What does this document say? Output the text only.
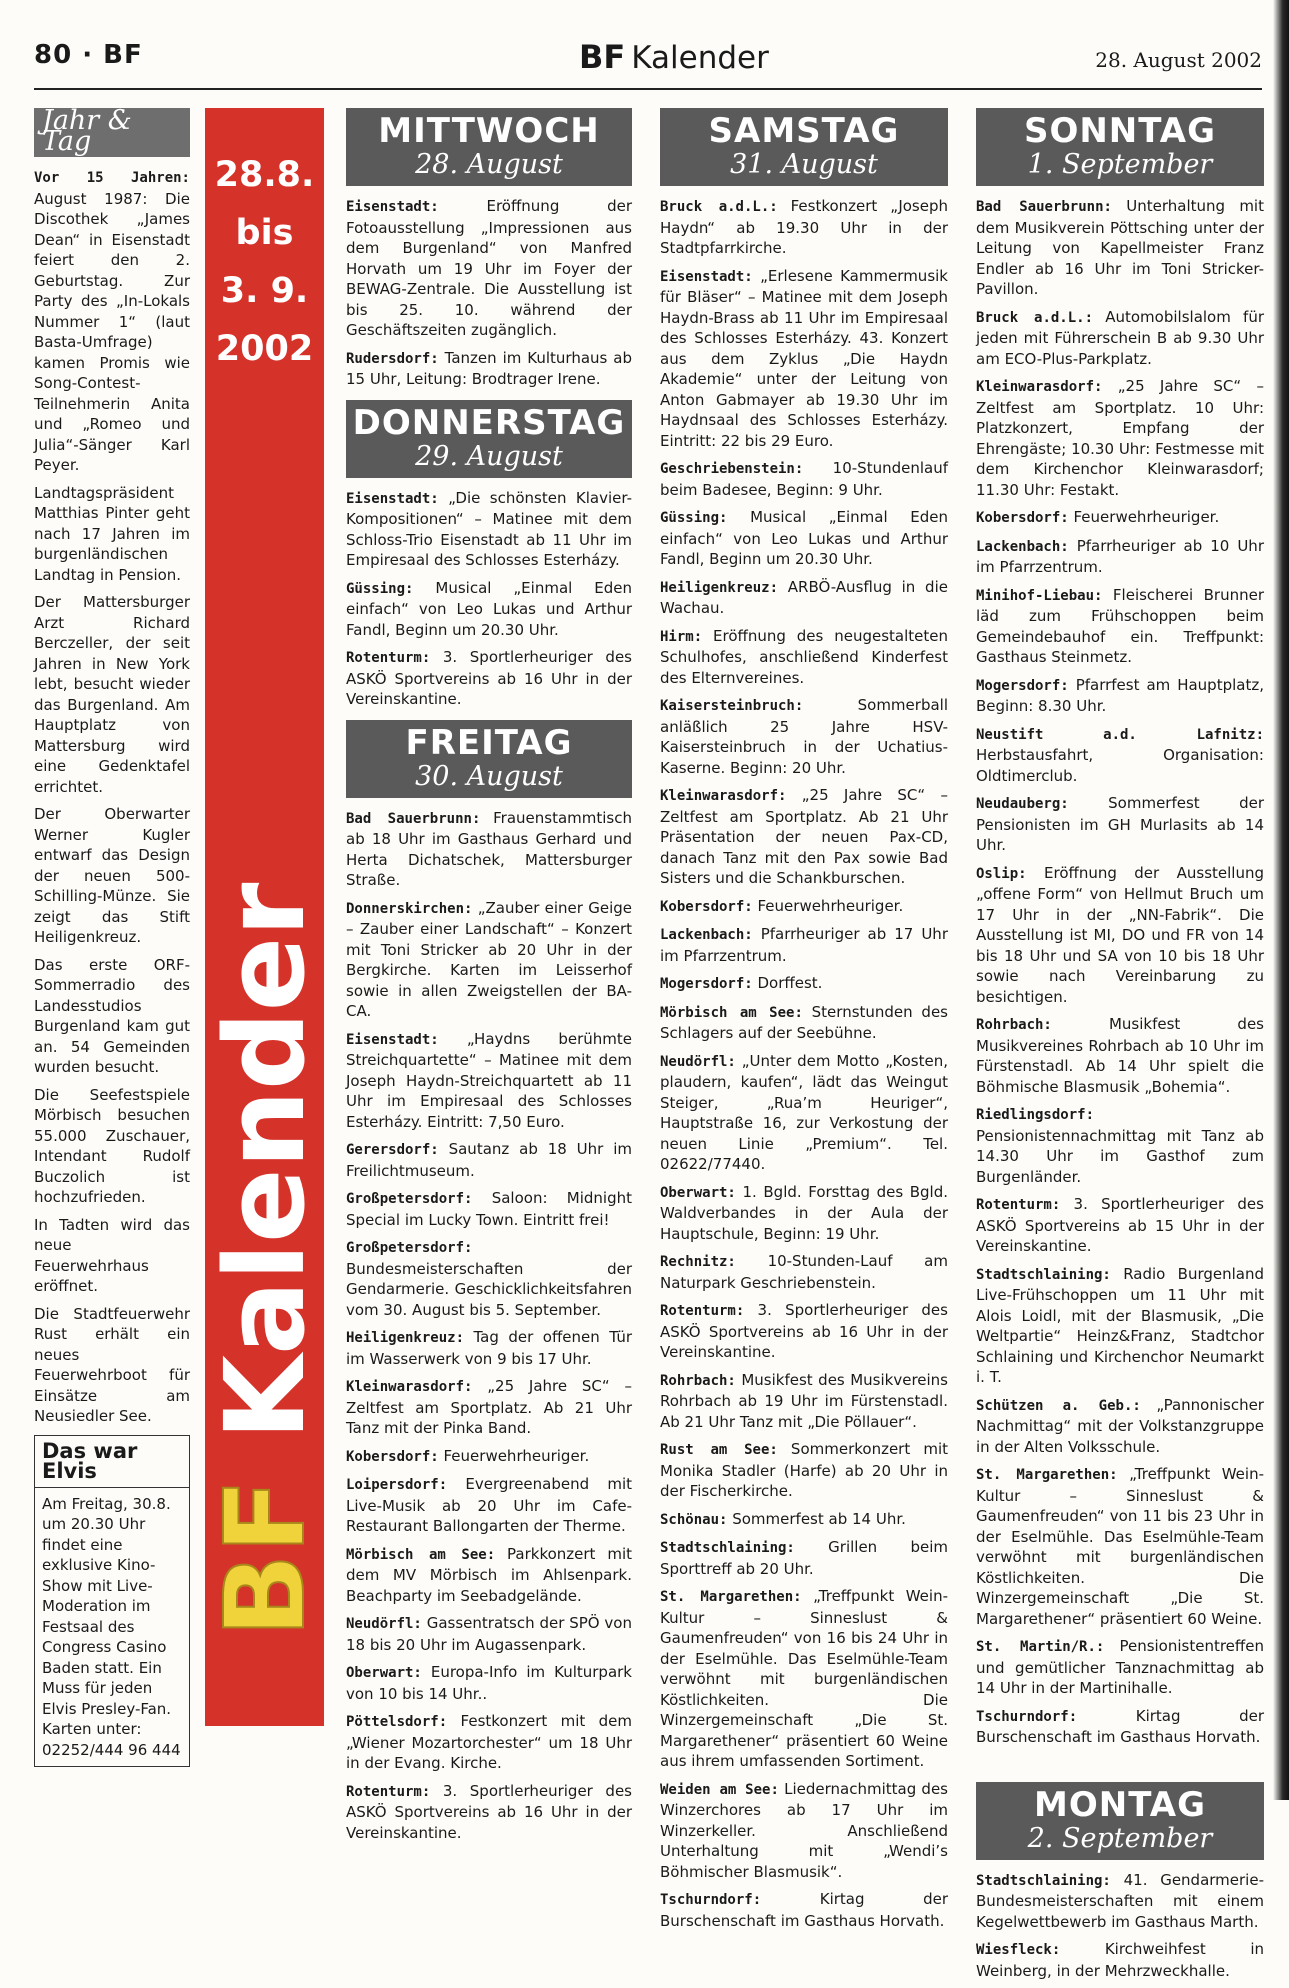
80 · BF	BF Kalender	28. August 2002
Jahr & Tag

Vor 15 Jahren: August 1987: Die Discothek „James Dean“ in Eisenstadt feiert den 2. Geburtstag. Zur Party des „In-Lokals Nummer 1“ (laut Basta-Umfrage) kamen Promis wie Song-Contest-Teilnehmerin Anita und „Romeo und Julia“-Sänger Karl Peyer.

Landtagspräsident Matthias Pinter geht nach 17 Jahren im burgenländischen Landtag in Pension.

Der Mattersburger Arzt Richard Berczeller, der seit Jahren in New York lebt, besucht wieder das Burgenland. Am Hauptplatz von Mattersburg wird eine Gedenktafel errichtet.

Der Oberwarter Werner Kugler entwarf das Design der neuen 500-Schilling-Münze. Sie zeigt das Stift Heiligenkreuz.

Das erste ORF-Sommerradio des Landesstudios Burgenland kam gut an. 54 Gemeinden wurden besucht.

Die Seefestspiele Mörbisch besuchen 55.000 Zuschauer, Intendant Rudolf Buczolich ist hochzufrieden.

In Tadten wird das neue Feuerwehrhaus eröffnet.

Die Stadtfeuerwehr Rust erhält ein neues Feuerwehrboot für Einsätze am Neusiedler See.

Das war Elvis
Am Freitag, 30.8. um 20.30 Uhr findet eine exklusive Kino-Show mit Live-Moderation im Festsaal des Congress Casino Baden statt. Ein Muss für jeden Elvis Presley-Fan. Karten unter: 02252/444 96 444
28.8.
bis
3. 9.
2002
BF Kalender
MITTWOCH
28. August

Eisenstadt:	Eröffnung der Fotoausstellung „Impressionen aus dem Burgenland“ von Manfred Horvath um 19 Uhr im Foyer der BEWAG-Zentrale. Die Ausstellung ist bis 25. 10. während der Geschäftszeiten zugänglich.

Rudersdorf: Tanzen im Kulturhaus ab 15 Uhr, Leitung: Brodtrager Irene.

DONNERSTAG
29. August

Eisenstadt: „Die schönsten Klavier-Kompositionen“ – Matinee mit dem Schloss-Trio Eisenstadt ab 11 Uhr im Empiresaal des Schlosses Esterházy.

Güssing: Musical „Einmal Eden einfach“ von Leo Lukas und Arthur Fandl, Beginn um 20.30 Uhr.

Rotenturm: 3. Sportlerheuriger des ASKÖ Sportvereins ab 16 Uhr in der Vereinskantine.

FREITAG
30. August

Bad Sauerbrunn: Frauenstammtisch ab 18 Uhr im Gasthaus Gerhard und Herta Dichatschek, Mattersburger Straße.

Donnerskirchen: „Zauber einer Geige – Zauber einer Landschaft“ – Konzert mit Toni Stricker ab 20 Uhr in der Bergkirche. Karten im Leisserhof sowie in allen Zweigstellen der BA-CA.

Eisenstadt: „Haydns berühmte Streichquartette“ – Matinee mit dem Joseph Haydn-Streichquartett ab 11 Uhr im Empiresaal des Schlosses Esterházy. Eintritt: 7,50 Euro.

Gerersdorf: Sautanz ab 18 Uhr im Freilichtmuseum.

Großpetersdorf: Saloon: Midnight Special im Lucky Town. Eintritt frei!

Großpetersdorf: Bundesmeisterschaften der Gendarmerie. Geschicklichkeitsfahren vom 30. August bis 5. September.

Heiligenkreuz: Tag der offenen Tür im Wasserwerk von 9 bis 17 Uhr.

Kleinwarasdorf: „25 Jahre SC“ – Zeltfest am Sportplatz. Ab 21 Uhr Tanz mit der Pinka Band.

Kobersdorf: Feuerwehrheuriger.

Loipersdorf: Evergreenabend mit Live-Musik ab 20 Uhr im Cafe-Restaurant Ballongarten der Therme.

Mörbisch am See: Parkkonzert mit dem MV Mörbisch im Ahlsenpark. Beachparty im Seebadgelände.

Neudörfl: Gassentratsch der SPÖ von 18 bis 20 Uhr im Augassenpark.

Oberwart: Europa-Info im Kulturpark von 10 bis 14 Uhr..

Pöttelsdorf: Festkonzert mit dem „Wiener Mozartorchester“ um 18 Uhr in der Evang. Kirche.

Rotenturm: 3. Sportlerheuriger des ASKÖ Sportvereins ab 16 Uhr in der Vereinskantine.

SAMSTAG
31. August

Bruck a.d.L.: Festkonzert „Joseph Haydn“ ab 19.30 Uhr in der Stadtpfarrkirche.

Eisenstadt: „Erlesene Kammermusik für Bläser“ – Matinee mit dem Joseph Haydn-Brass ab 11 Uhr im Empiresaal des Schlosses Esterházy. 43. Konzert aus dem Zyklus „Die Haydn Akademie“ unter der Leitung von Anton Gabmayer ab 19.30 Uhr im Haydnsaal des Schlosses Esterházy. Eintritt: 22 bis 29 Euro.

Geschriebenstein: 10-Stundenlauf beim Badesee, Beginn: 9 Uhr.

Güssing: Musical „Einmal Eden einfach“ von Leo Lukas und Arthur Fandl, Beginn um 20.30 Uhr.

Heiligenkreuz: ARBÖ-Ausflug in die Wachau.

Hirm: Eröffnung des neugestalteten Schulhofes, anschließend Kinderfest des Elternvereines.

Kaisersteinbruch:	Sommerball anläßlich 25 Jahre HSV-Kaisersteinbruch in der Uchatius-Kaserne. Beginn: 20 Uhr.

Kleinwarasdorf: „25 Jahre SC“ – Zeltfest am Sportplatz. Ab 21 Uhr Präsentation der neuen Pax-CD, danach Tanz mit den Pax sowie Bad Sisters und die Schankburschen.

Kobersdorf: Feuerwehrheuriger.

Lackenbach: Pfarrheuriger ab 17 Uhr im Pfarrzentrum.

Mogersdorf: Dorffest.

Mörbisch am See: Sternstunden des Schlagers auf der Seebühne.

Neudörfl: „Unter dem Motto „Kosten, plaudern, kaufen“, lädt das Weingut Steiger, „Rua’m Heuriger“, Hauptstraße 16, zur Verkostung der neuen Linie „Premium“. Tel. 02622/77440.

Oberwart: 1. Bgld. Forsttag des Bgld. Waldverbandes in der Aula der Hauptschule, Beginn: 19 Uhr.

Rechnitz: 10-Stunden-Lauf am Naturpark Geschriebenstein.

Rotenturm: 3. Sportlerheuriger des ASKÖ Sportvereins ab 16 Uhr in der Vereinskantine.

Rohrbach: Musikfest des Musikvereins Rohrbach ab 19 Uhr im Fürstenstadl. Ab 21 Uhr Tanz mit „Die Pöllauer“.

Rust am See: Sommerkonzert mit Monika Stadler (Harfe) ab 20 Uhr in der Fischerkirche.

Schönau: Sommerfest ab 14 Uhr.

Stadtschlaining: Grillen beim Sporttreff ab 20 Uhr.

St. Margarethen: „Treffpunkt Wein-Kultur – Sinneslust & Gaumenfreuden“ von 16 bis 24 Uhr in der Eselmühle. Das Eselmühle-Team verwöhnt mit burgenländischen Köstlichkeiten. Die Winzergemeinschaft „Die St. Margarethener“ präsentiert 60 Weine aus ihrem umfassenden Sortiment.

Weiden am See: Liedernachmittag des Winzerchores ab 17 Uhr im Winzerkeller. Anschließend Unterhaltung mit „Wendi’s Böhmischer Blasmusik“.

Tschurndorf:	Kirtag der Burschenschaft im Gasthaus Horvath.

SONNTAG
1. September

Bad Sauerbrunn: Unterhaltung mit dem Musikverein Pöttsching unter der Leitung von Kapellmeister Franz Endler ab 16 Uhr im Toni Stricker-Pavillon.

Bruck a.d.L.: Automobilslalom für jeden mit Führerschein B ab 9.30 Uhr am ECO-Plus-Parkplatz.

Kleinwarasdorf: „25 Jahre SC“ – Zeltfest am Sportplatz. 10 Uhr: Platzkonzert, Empfang der Ehrengäste; 10.30 Uhr: Festmesse mit dem Kirchenchor Kleinwarasdorf; 11.30 Uhr: Festakt.

Kobersdorf: Feuerwehrheuriger.

Lackenbach: Pfarrheuriger ab 10 Uhr im Pfarrzentrum.

Minihof-Liebau: Fleischerei Brunner läd zum Frühschoppen beim Gemeindebauhof ein. Treffpunkt: Gasthaus Steinmetz.

Mogersdorf: Pfarrfest am Hauptplatz, Beginn: 8.30 Uhr.

Neustift a.d. Lafnitz: Herbstausfahrt, Organisation: Oldtimerclub.

Neudauberg:	Sommerfest der Pensionisten im GH Murlasits ab 14 Uhr.

Oslip: Eröffnung der Ausstellung „offene Form“ von Hellmut Bruch um 17 Uhr in der „NN-Fabrik“. Die Ausstellung ist MI, DO und FR von 14 bis 18 Uhr und SA von 10 bis 18 Uhr sowie nach Vereinbarung zu besichtigen.

Rohrbach:	Musikfest des Musikvereines Rohrbach ab 10 Uhr im Fürstenstadl. Ab 14 Uhr spielt die Böhmische Blasmusik „Bohemia“.

Riedlingsdorf: Pensionistennachmittag mit Tanz ab 14.30 Uhr im Gasthof zum Burgenländer.

Rotenturm: 3. Sportlerheuriger des ASKÖ Sportvereins ab 15 Uhr in der Vereinskantine.

Stadtschlaining: Radio Burgenland Live-Frühschoppen um 11 Uhr mit Alois Loidl, mit der Blasmusik, „Die Weltpartie“ Heinz&Franz, Stadtchor Schlaining und Kirchenchor Neumarkt i. T.

Schützen a. Geb.: „Pannonischer Nachmittag“ mit der Volkstanzgruppe in der Alten Volksschule.

St. Margarethen: „Treffpunkt Wein-Kultur – Sinneslust & Gaumenfreuden“ von 11 bis 23 Uhr in der Eselmühle. Das Eselmühle-Team verwöhnt mit burgenländischen Köstlichkeiten. Die Winzergemeinschaft „Die St. Margarethener“ präsentiert 60 Weine.

St. Martin/R.: Pensionistentreffen und gemütlicher Tanznachmittag ab 14 Uhr in der Martinihalle.

Tschurndorf:	Kirtag der Burschenschaft im Gasthaus Horvath.

MONTAG
2. September

Stadtschlaining: 41. Gendarmerie-Bundesmeisterschaften mit einem Kegelwettbewerb im Gasthaus Marth.

Wiesfleck:	Kirchweihfest in Weinberg, in der Mehrzweckhalle.
